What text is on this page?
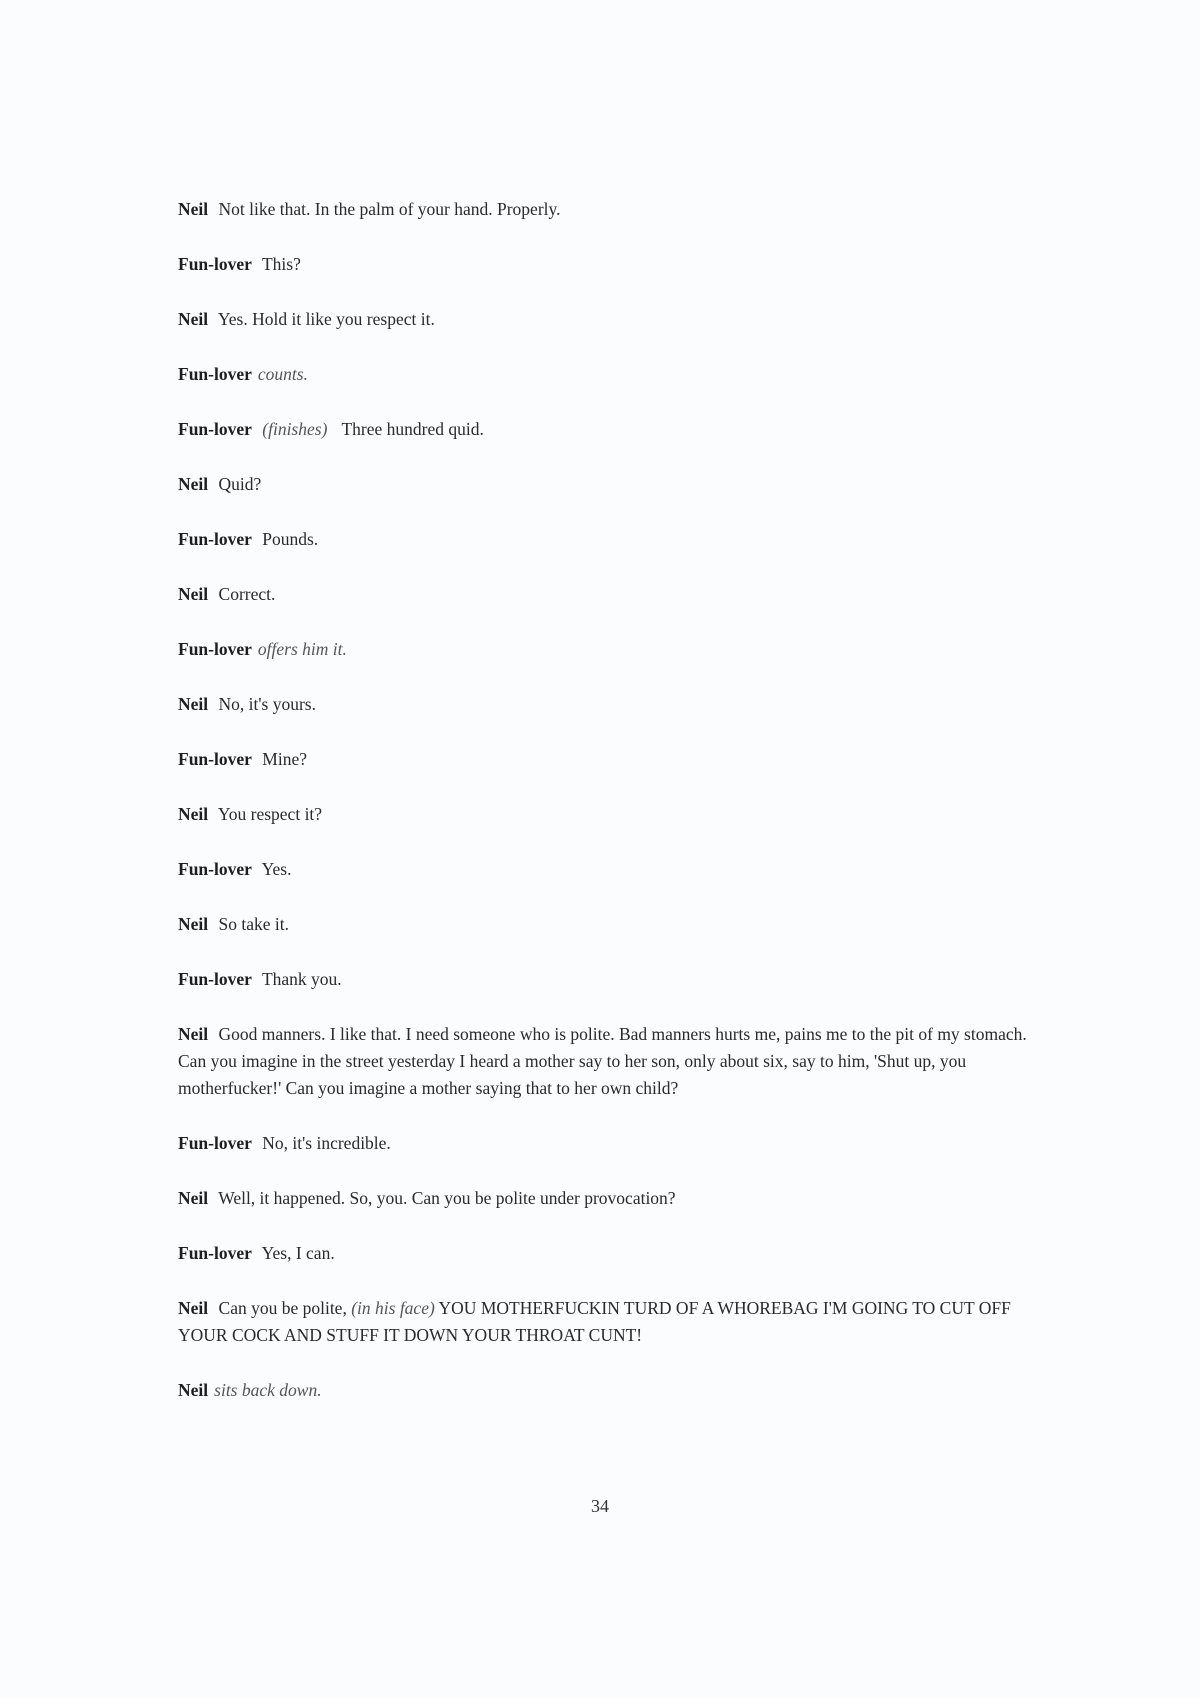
Neil Not like that. In the palm of your hand. Properly.

Fun-lover This?

Neil Yes. Hold it like you respect it.

Fun-lover counts.

Fun-lover (finishes) Three hundred quid.

Neil Quid?

Fun-lover Pounds.

Neil Correct.

Fun-lover offers him it.

Neil No, it's yours.

Fun-lover Mine?

Neil You respect it?

Fun-lover Yes.

Neil So take it.

Fun-lover Thank you.

Neil Good manners. I like that. I need someone who is polite. Bad manners hurts me, pains me to the pit of my stomach. Can you imagine in the street yesterday I heard a mother say to her son, only about six, say to him, 'Shut up, you motherfucker!' Can you imagine a mother saying that to her own child?

Fun-lover No, it's incredible.

Neil Well, it happened. So, you. Can you be polite under provocation?

Fun-lover Yes, I can.

Neil Can you be polite, (in his face) YOU MOTHERFUCKIN TURD OF A WHOREBAG I'M GOING TO CUT OFF YOUR COCK AND STUFF IT DOWN YOUR THROAT CUNT!

Neil sits back down.

34
